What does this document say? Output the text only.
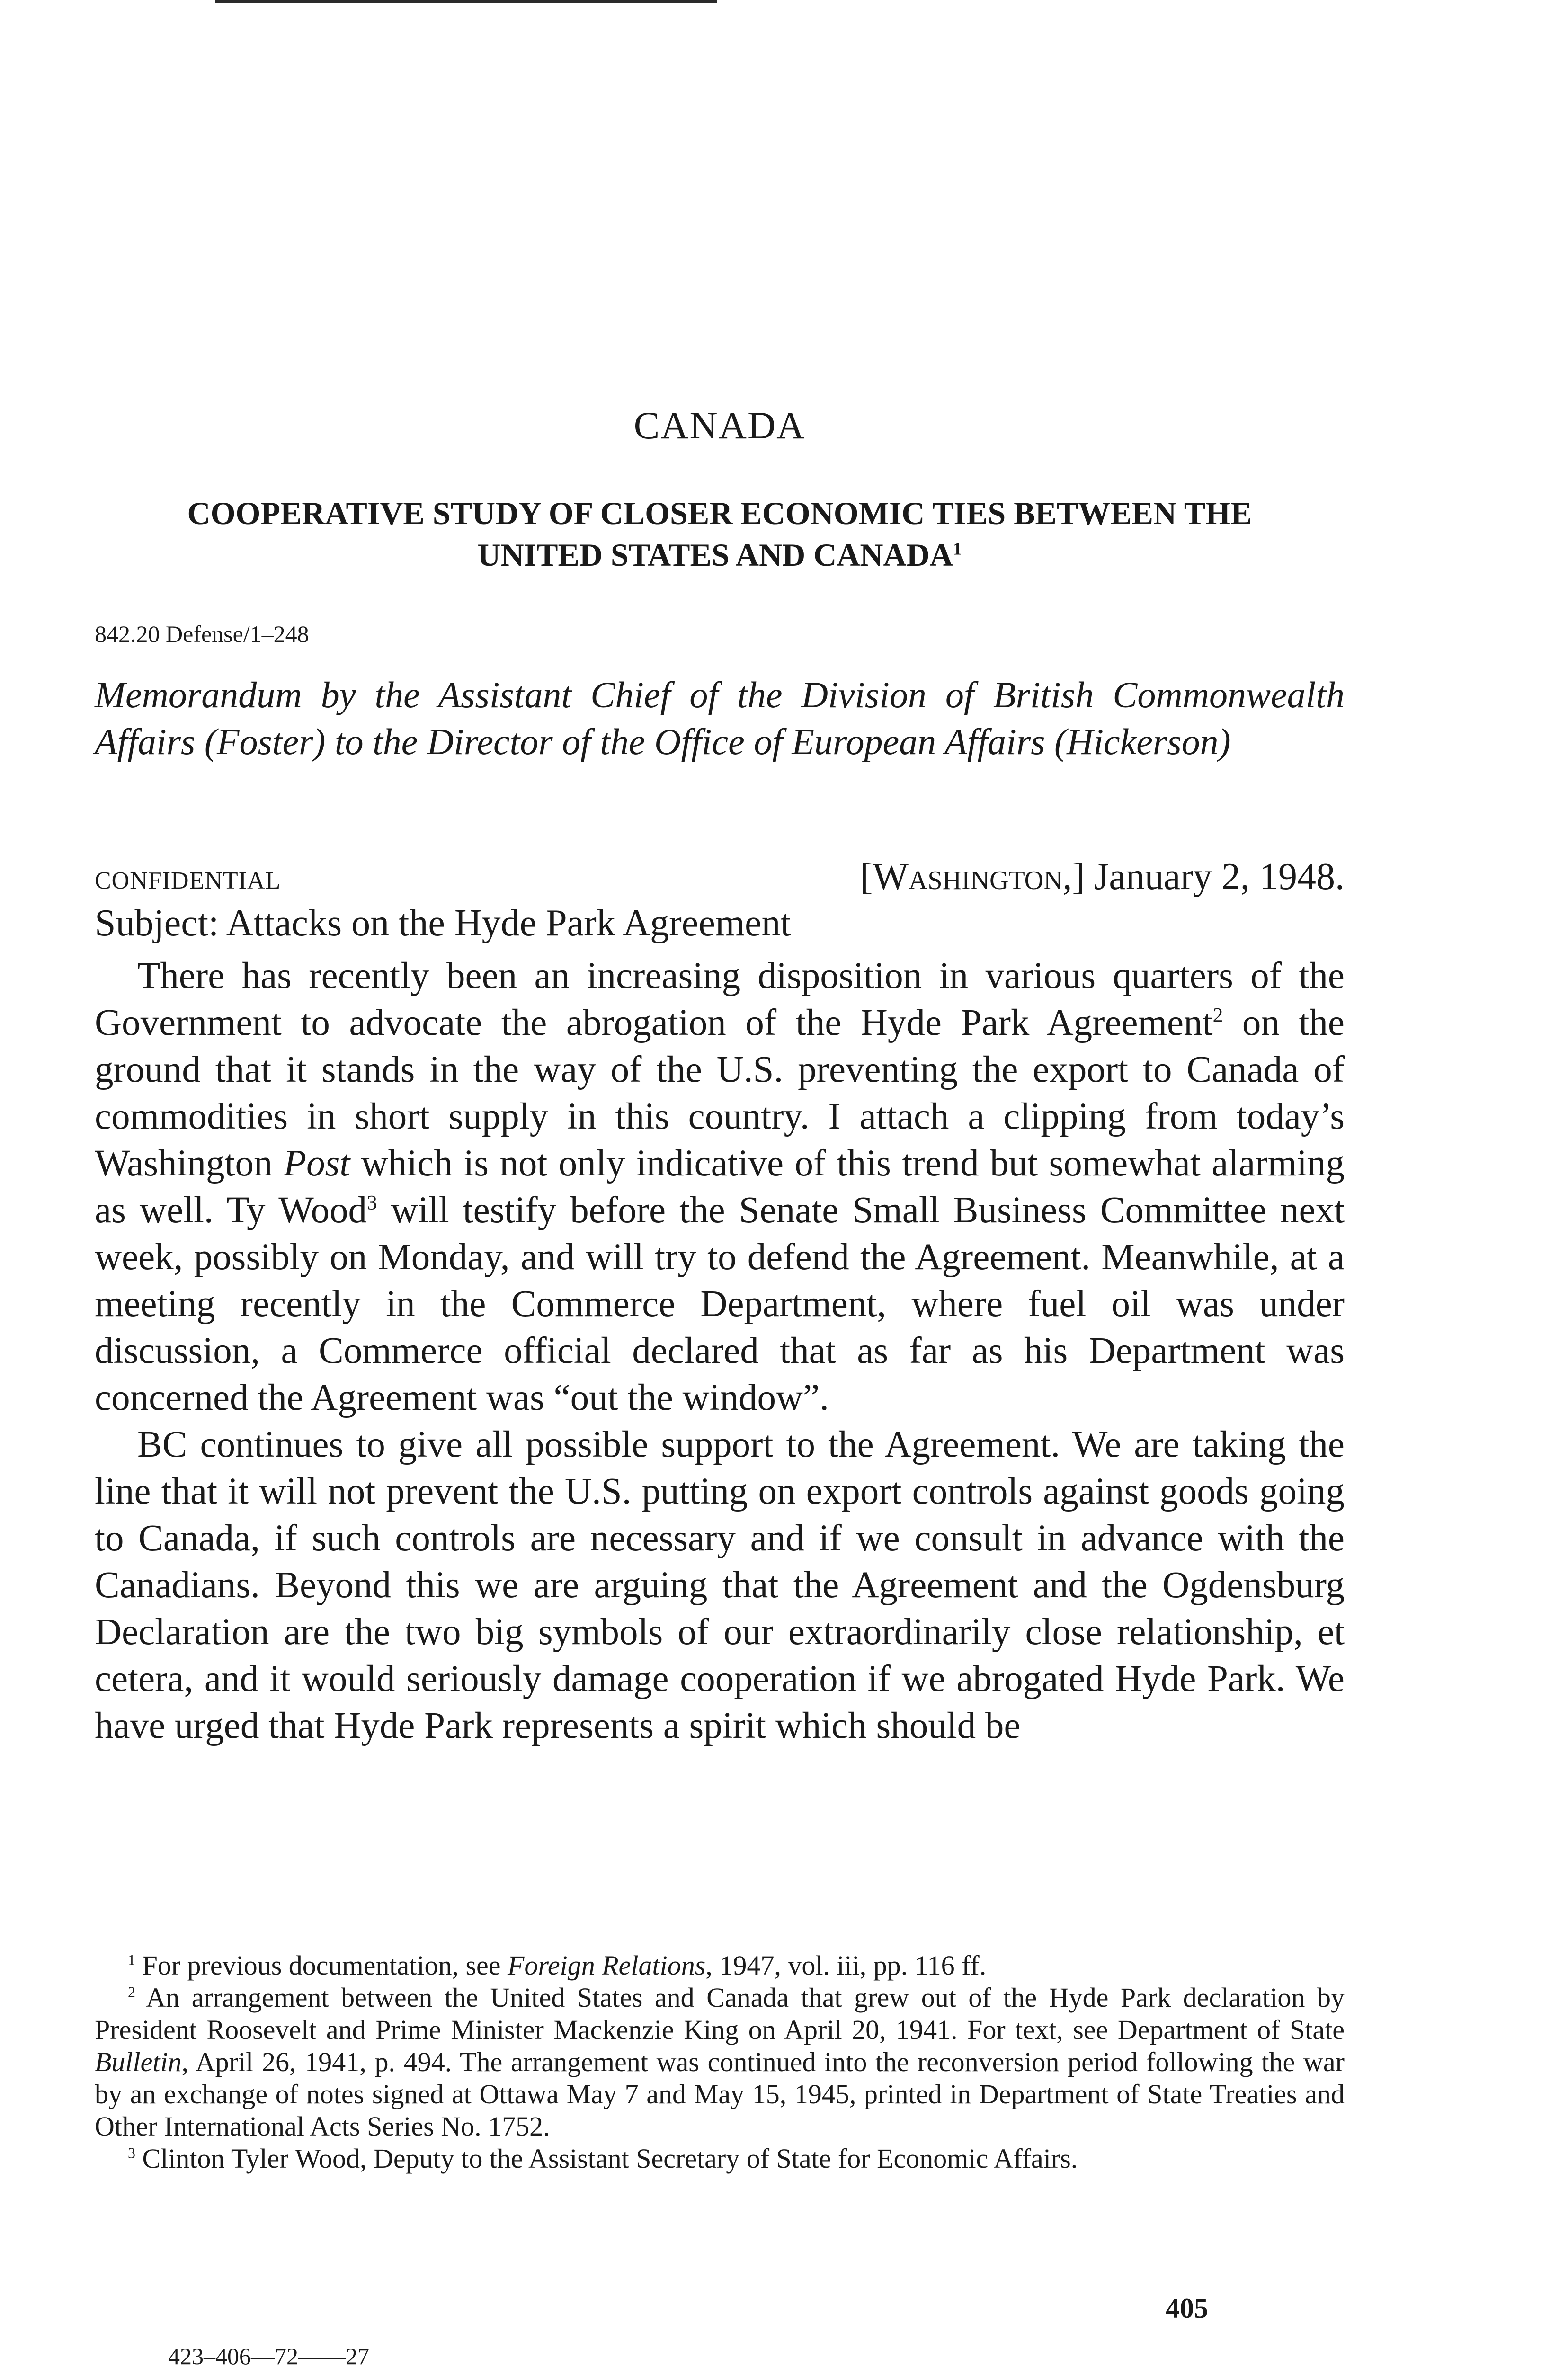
CANADA
COOPERATIVE STUDY OF CLOSER ECONOMIC TIES BETWEEN THE
UNITED STATES AND CANADA$^1$
842.20 Defense/1–248
Memorandum by the Assistant Chief of the Division of British Commonwealth Affairs (Foster) to the Director of the Office of European Affairs (Hickerson)
CONFIDENTIAL	[Washington,] January 2, 1948.
Subject: Attacks on the Hyde Park Agreement

There has recently been an increasing disposition in various quarters of the Government to advocate the abrogation of the Hyde Park Agreement$^2$ on the ground that it stands in the way of the U.S. preventing the export to Canada of commodities in short supply in this country. I attach a clipping from today’s Washington Post which is not only indicative of this trend but somewhat alarming as well. Ty Wood$^3$ will testify before the Senate Small Business Committee next week, possibly on Monday, and will try to defend the Agreement. Meanwhile, at a meeting recently in the Commerce Department, where fuel oil was under discussion, a Commerce official declared that as far as his Department was concerned the Agreement was “out the window”.

BC continues to give all possible support to the Agreement. We are taking the line that it will not prevent the U.S. putting on export controls against goods going to Canada, if such controls are necessary and if we consult in advance with the Canadians. Beyond this we are arguing that the Agreement and the Ogdensburg Declaration are the two big symbols of our extraordinarily close relationship, et cetera, and it would seriously damage cooperation if we abrogated Hyde Park. We have urged that Hyde Park represents a spirit which should be

$^1$ For previous documentation, see Foreign Relations, 1947, vol. iii, pp. 116 ff.

$^2$ An arrangement between the United States and Canada that grew out of the Hyde Park declaration by President Roosevelt and Prime Minister Mackenzie King on April 20, 1941. For text, see Department of State Bulletin, April 26, 1941, p. 494. The arrangement was continued into the reconversion period following the war by an exchange of notes signed at Ottawa May 7 and May 15, 1945, printed in Department of State Treaties and Other International Acts Series No. 1752.

$^3$ Clinton Tyler Wood, Deputy to the Assistant Secretary of State for Economic Affairs.

405
423–406—72——27
